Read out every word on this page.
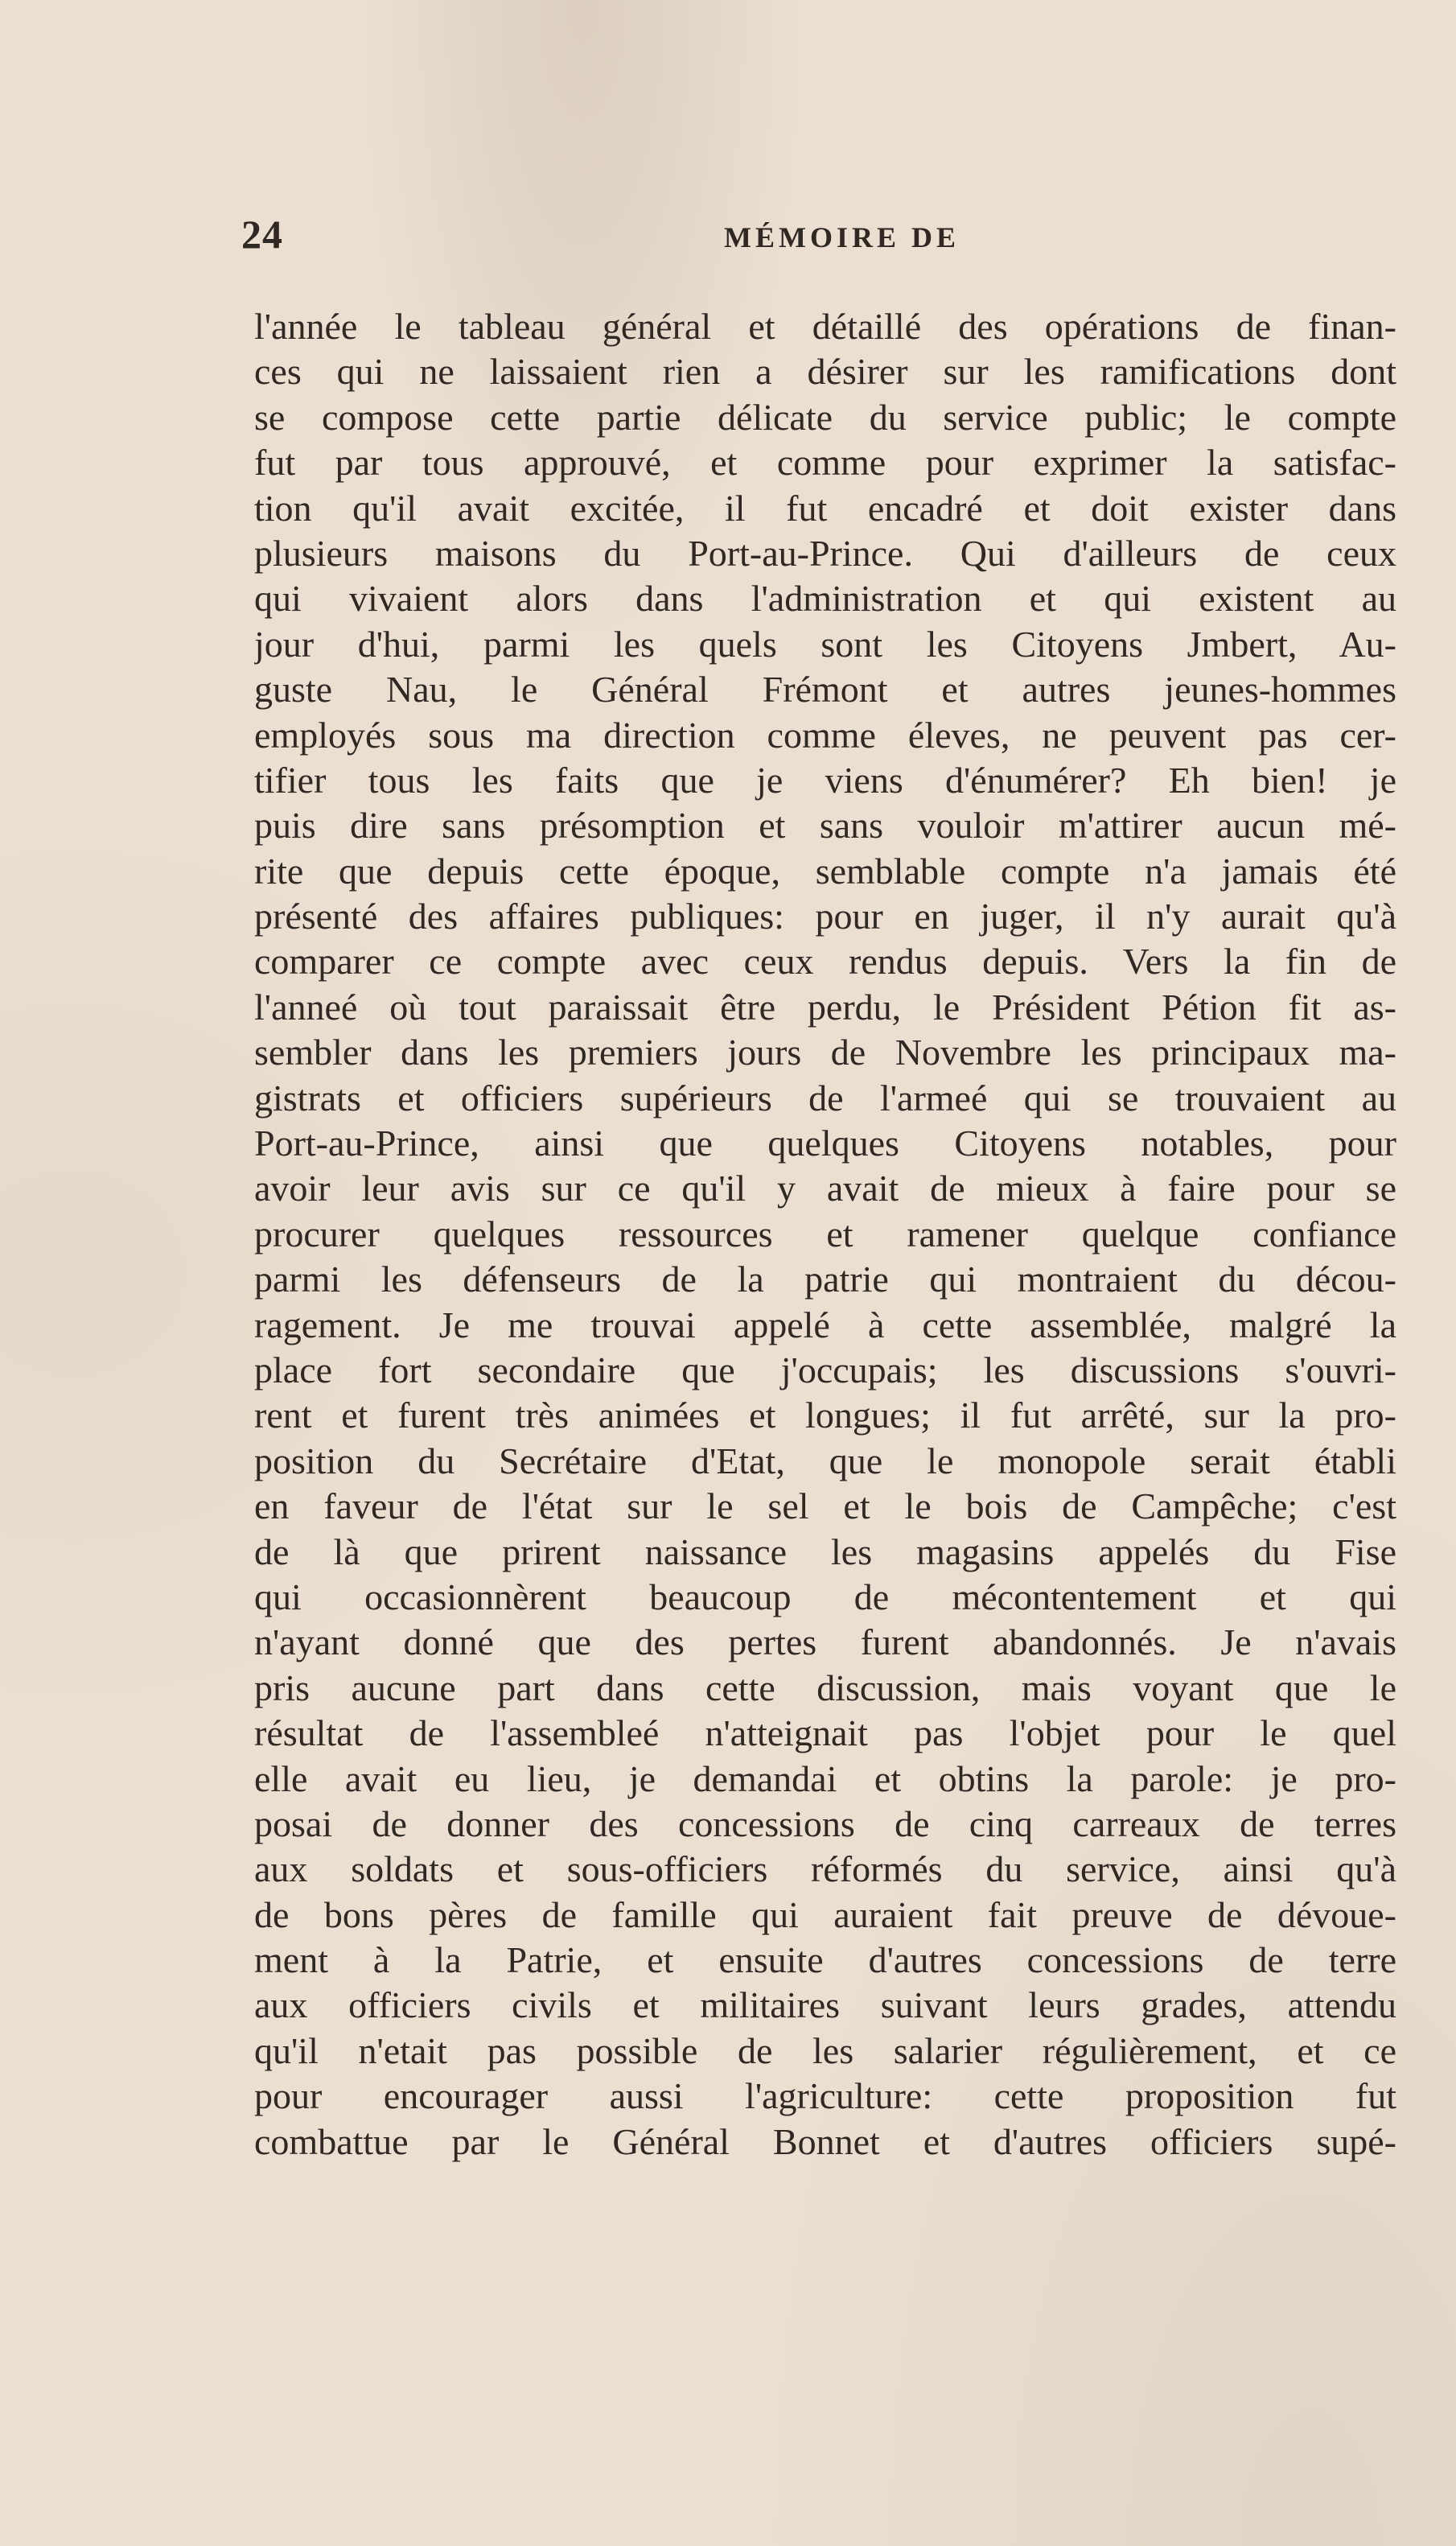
24	MÉMOIRE DE
l'année le tableau général et détaillé des opérations de finan-
ces qui ne laissaient rien a désirer sur les ramifications dont
se compose cette partie délicate du service public; le compte
fut par tous approuvé, et comme pour exprimer la satisfac-
tion qu'il avait excitée, il fut encadré et doit exister dans
plusieurs maisons du Port-au-Prince. Qui d'ailleurs de ceux
qui vivaient alors dans l'administration et qui existent au
jour d'hui, parmi les quels sont les Citoyens Jmbert, Au-
guste Nau, le Général Frémont et autres jeunes-hommes
employés sous ma direction comme éleves, ne peuvent pas cer-
tifier tous les faits que je viens d'énumérer? Eh bien! je
puis dire sans présomption et sans vouloir m'attirer aucun mé-
rite que depuis cette époque, semblable compte n'a jamais été
présenté des affaires publiques: pour en juger, il n'y aurait qu'à
comparer ce compte avec ceux rendus depuis. Vers la fin de
l'anneé où tout paraissait être perdu, le Président Pétion fit as-
sembler dans les premiers jours de Novembre les principaux ma-
gistrats et officiers supérieurs de l'armeé qui se trouvaient au
Port-au-Prince, ainsi que quelques Citoyens notables, pour
avoir leur avis sur ce qu'il y avait de mieux à faire pour se
procurer quelques ressources et ramener quelque confiance
parmi les défenseurs de la patrie qui montraient du décou-
ragement. Je me trouvai appelé à cette assemblée, malgré la
place fort secondaire que j'occupais; les discussions s'ouvri-
rent et furent très animées et longues; il fut arrêté, sur la pro-
position du Secrétaire d'Etat, que le monopole serait établi
en faveur de l'état sur le sel et le bois de Campêche; c'est
de là que prirent naissance les magasins appelés du Fise
qui occasionnèrent beaucoup de mécontentement et qui
n'ayant donné que des pertes furent abandonnés. Je n'avais
pris aucune part dans cette discussion, mais voyant que le
résultat de l'assembleé n'atteignait pas l'objet pour le quel
elle avait eu lieu, je demandai et obtins la parole: je pro-
posai de donner des concessions de cinq carreaux de terres
aux soldats et sous-officiers réformés du service, ainsi qu'à
de bons pères de famille qui auraient fait preuve de dévoue-
ment à la Patrie, et ensuite d'autres concessions de terre
aux officiers civils et militaires suivant leurs grades, attendu
qu'il n'etait pas possible de les salarier régulièrement, et ce
pour encourager aussi l'agriculture: cette proposition fut
combattue par le Général Bonnet et d'autres officiers supé-
